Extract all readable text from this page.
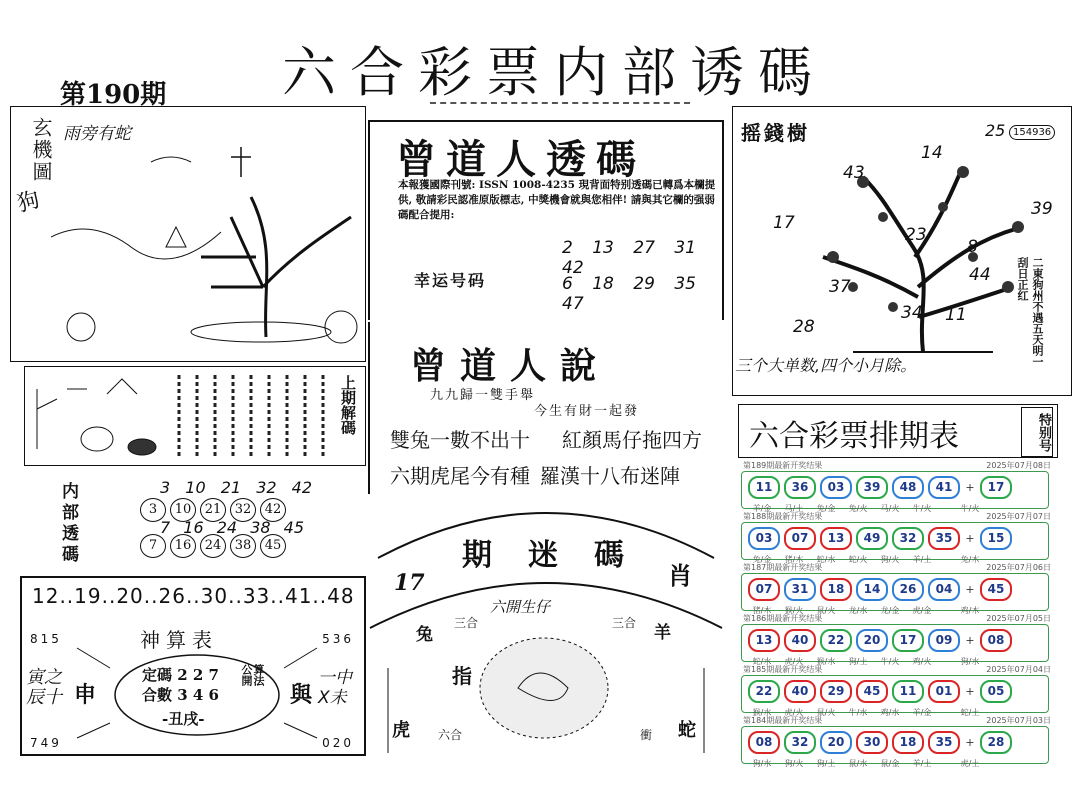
第190期 六合彩票内部诱碼
玄機圖
狗
雨旁有蛇
上期解碼
内部透碼	3 10 21 32 42
3 10 21 32 42
7 16 24 38 45
7 16 24 38 45
12..19..20..26..30..33..41..48
神算表
815	536
749	020
定碼 2 2 7
合數 3 4 6
算法
公開
-丑戌-
寅之辰十 申	與
一中X未
曾道人透碼
本報獲國際刊號: ISSN 1008-4235 現背面特别透碼已轉爲本欄提供, 敬請彩民認准原版標志, 中獎機會就與您相伴! 請與其它欄的强弱碼配合提用:
幸运号码
2 13 27 31 42
6 18 29 35 47
曾道人說
九九歸一雙手舉
今生有財一起發
雙兔一數不出十 紅顏馬仔拖四方
六期虎尾今有種 羅漢十八布迷陣
17
期迷碼
肖
六開生仔
兔
三合	三合 羊
指
虎 六合	衝 蛇
摇錢樹	25 154936
14
43
39
17
23
8
37
44
34 11
28	二東狗州不遇五天明一刮日正红
三个大单数,四个小月除。
六合彩票排期表	特别号
第189期最新开奖结果	2025年07月08日
11 36 03 39 48 41 + 17
羊/金 马/土 兔/金 兔/火 马/火 牛/火	牛/火
第188期最新开奖结果	2025年07月07日
03 07 13 49 32 35 + 15
兔/金 猪/木 蛇/水 蛇/火 狗/火 羊/土	兔/木
第187期最新开奖结果	2025年07月06日
07 31 18 14 26 04 + 45
猪/木 猴/火 鼠/火 龙/水 龙/金 虎/金	鸡/木
第186期最新开奖结果	2025年07月05日
13 40 22 20 17 09 + 08
蛇/水 虎/火 猴/水 狗/土 牛/火 鸡/火	狗/水
第185期最新开奖结果	2025年07月04日
22 40 29 45 11 01 + 05
猴/水 虎/火 鼠/火 牛/水 鸡/水 羊/金	蛇/土
第184期最新开奖结果	2025年07月03日
08 32 20 30 18 35 + 28
狗/水 狗/火 狗/土 鼠/水 鼠/金 羊/土	虎/土
